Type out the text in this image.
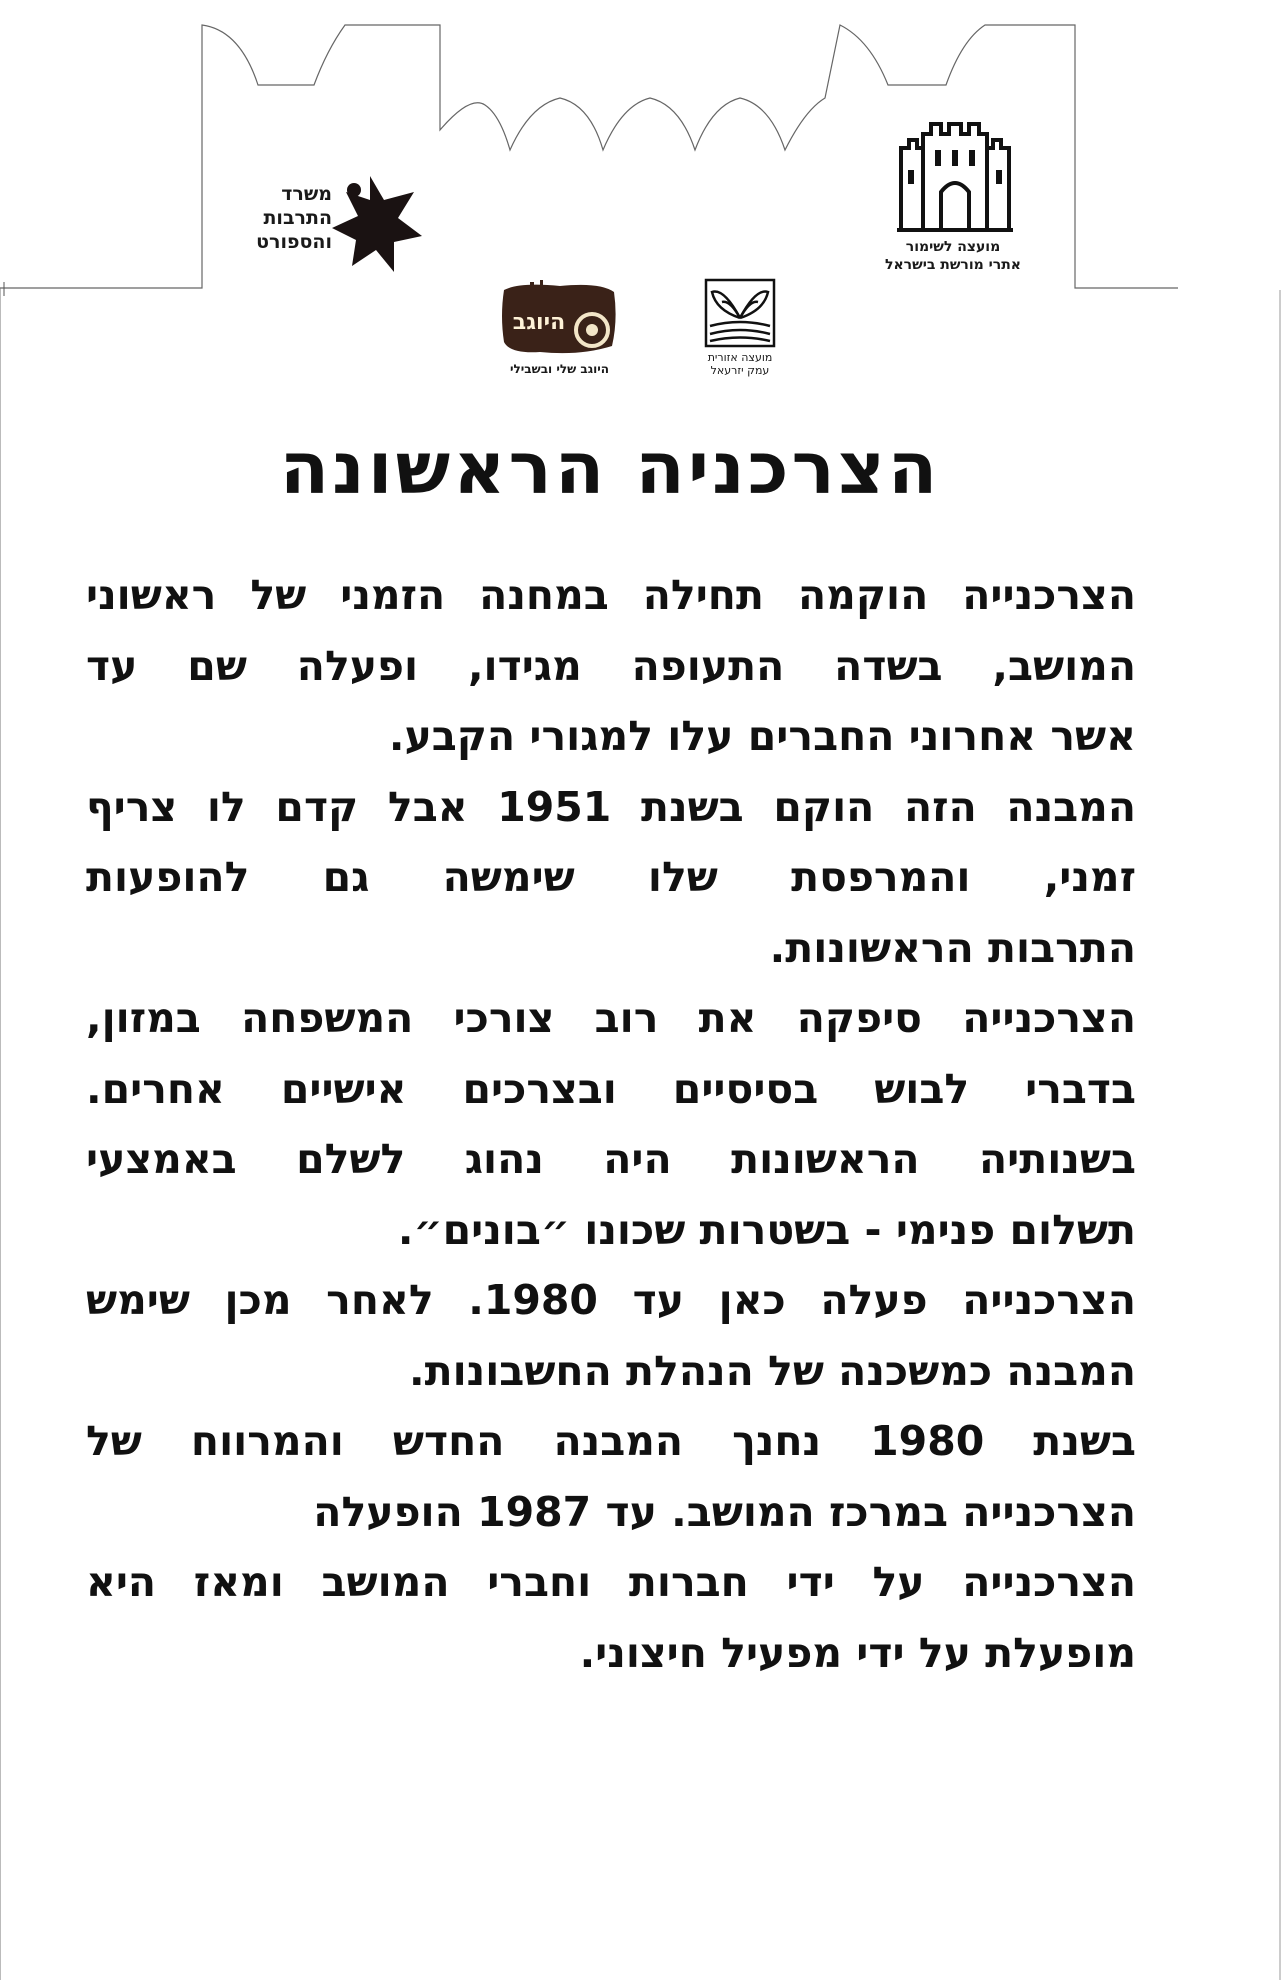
משרד
התרבות
והספורט	מועצה לשימור
אתרי מורשת בישראל
היוגב
היוגב שלי ובשבילי
מועצה אזורית
עמק יזרעאל
הצרכניה הראשונה
הצרכנייה הוקמה תחילה במחנה הזמני של ראשוני
המושב, בשדה התעופה מגידו, ופעלה שם עד
אשר אחרוני החברים עלו למגורי הקבע.
המבנה הזה הוקם בשנת 1951 אבל קדם לו צריף
זמני, והמרפסת שלו שימשה גם להופעות
התרבות הראשונות.
הצרכנייה סיפקה את רוב צורכי המשפחה במזון,
בדברי לבוש בסיסיים ובצרכים אישיים אחרים.
בשנותיה הראשונות היה נהוג לשלם באמצעי
תשלום פנימי - בשטרות שכונו ״בונים״.
הצרכנייה פעלה כאן עד 1980. לאחר מכן שימש
המבנה כמשכנה של הנהלת החשבונות.
בשנת 1980 נחנך המבנה החדש והמרווח של
הצרכנייה במרכז המושב. עד 1987 הופעלה
הצרכנייה על ידי חברות וחברי המושב ומאז היא
מופעלת על ידי מפעיל חיצוני.
